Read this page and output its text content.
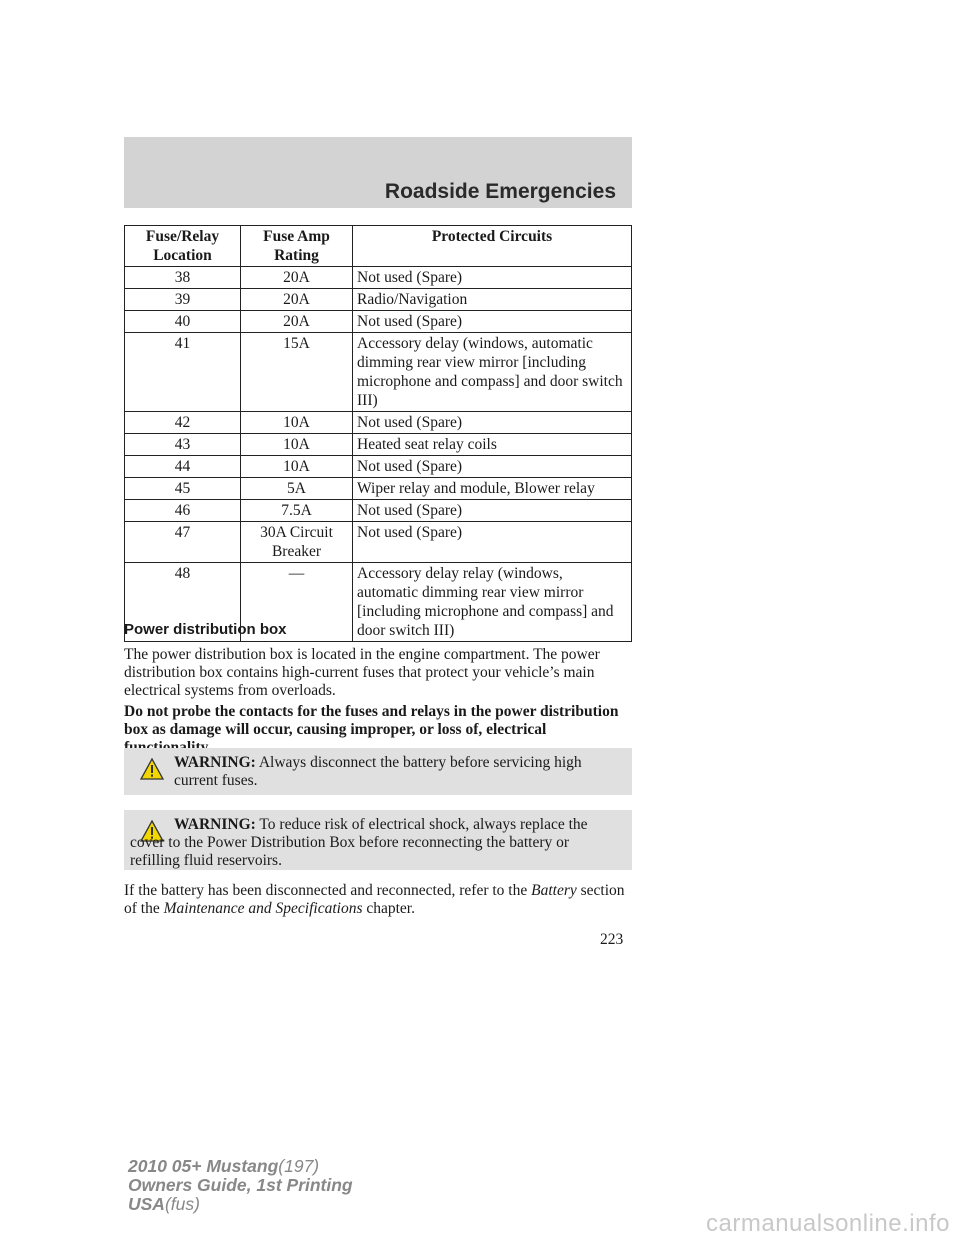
Roadside Emergencies
Fuse/Relay Location	Fuse Amp Rating	Protected Circuits
38	20A	Not used (Spare)
39	20A	Radio/Navigation
40	20A	Not used (Spare)
41	15A	Accessory delay (windows, automatic dimming rear view mirror [including microphone and compass] and door switch III)
42	10A	Not used (Spare)
43	10A	Heated seat relay coils
44	10A	Not used (Spare)
45	5A	Wiper relay and module, Blower relay
46	7.5A	Not used (Spare)
47	30A Circuit Breaker	Not used (Spare)
48	—	Accessory delay relay (windows, automatic dimming rear view mirror [including microphone and compass] and door switch III)
Power distribution box
The power distribution box is located in the engine compartment. The power distribution box contains high-current fuses that protect your vehicle’s main electrical systems from overloads.
Do not probe the contacts for the fuses and relays in the power distribution box as damage will occur, causing improper, or loss of, electrical
WARNING: Always disconnect the battery before servicing high current fuses.
WARNING: To reduce risk of electrical shock, always replace the cover to the Power Distribution Box before reconnecting the battery or refilling fluid reservoirs.
If the battery has been disconnected and reconnected, refer to the Battery section of the Maintenance and Specifications chapter.
223
2010 05+ Mustang(197)
Owners Guide, 1st Printing
USA(fus)
carmanualsonline.info
